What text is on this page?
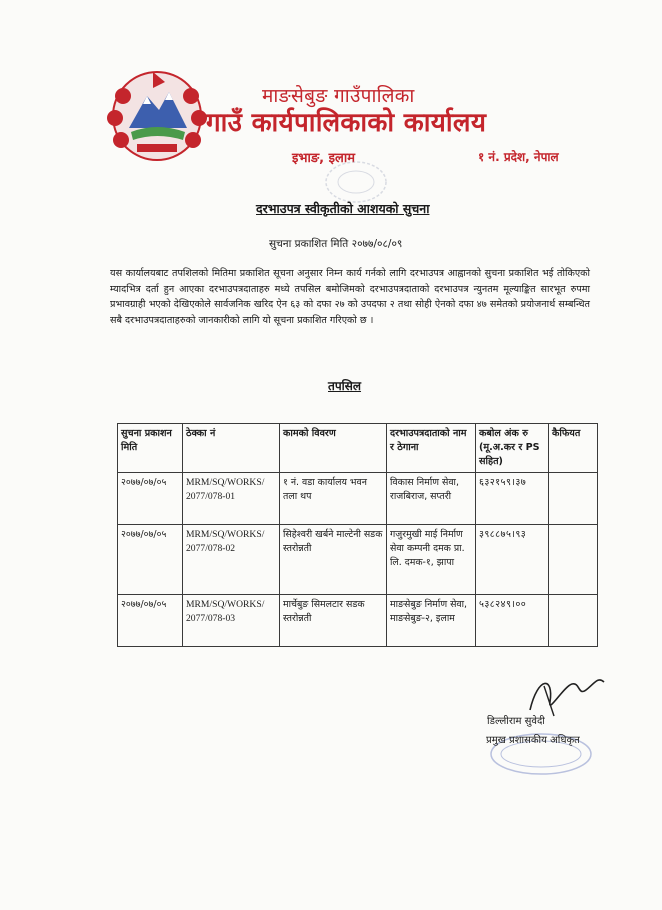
माङसेबुङ गाउँपालिका
गाउँ कार्यपालिकाको कार्यालय
इभाङ, इलाम	१ नं. प्रदेश, नेपाल
दरभाउपत्र स्वीकृतीको आशयको सुचना
सुचना प्रकाशित मिति २०७७/०८/०९
यस कार्यालयबाट तपशिलको मितिमा प्रकाशित सूचना अनुसार निम्न कार्य गर्नको लागि दरभाउपत्र आह्वानको सुचना प्रकाशित भई तोकिएको म्यादभित्र दर्ता हुन आएका दरभाउपत्रदाताहरु मध्ये तपसिल बमोजिमको दरभाउपत्रदाताको दरभाउपत्र न्युनतम मूल्याङ्कित सारभूत रुपमा प्रभावग्राही भएको देखिएकोले सार्वजनिक खरिद ऐन ६३ को दफा २७ को उपदफा २ तथा सोही ऐनको दफा ४७ समेतको प्रयोजनार्थ सम्बन्धित सबै दरभाउपत्रदाताहरुको जानकारीको लागि यो सूचना प्रकाशित गरिएको छ ।
तपसिल
सुचना प्रकाशन मिति	ठेक्का नं	कामको विवरण	दरभाउपत्रदाताको नाम र ठेगाना	कबोल अंक रु (मू.अ.कर र PS सहित)	कैफियत
२०७७/०७/०५	MRM/SQ/WORKS/ 2077/078-01	१ नं. वडा कार्यालय भवन तला थप	विकास निर्माण सेवा, राजबिराज, सप्तरी	६३२१५९।३७	
२०७७/०७/०५	MRM/SQ/WORKS/ 2077/078-02	सिहेश्वरी खर्बने माल्टेनी सडक स्तरोन्नती	गजुरमुखी माई निर्माण सेवा कम्पनी दमक प्रा. लि. दमक-१, झापा	३९८८७५।९३	
२०७७/०७/०५	MRM/SQ/WORKS/ 2077/078-03	मार्चेबुङ सिमलटार सडक स्तरोन्नती	माङसेबुङ निर्माण सेवा, माङसेबुङ-२, इलाम	५३८२४९।००	
डिल्लीराम सुवेदी
प्रमुख प्रशासकीय अधिकृत
